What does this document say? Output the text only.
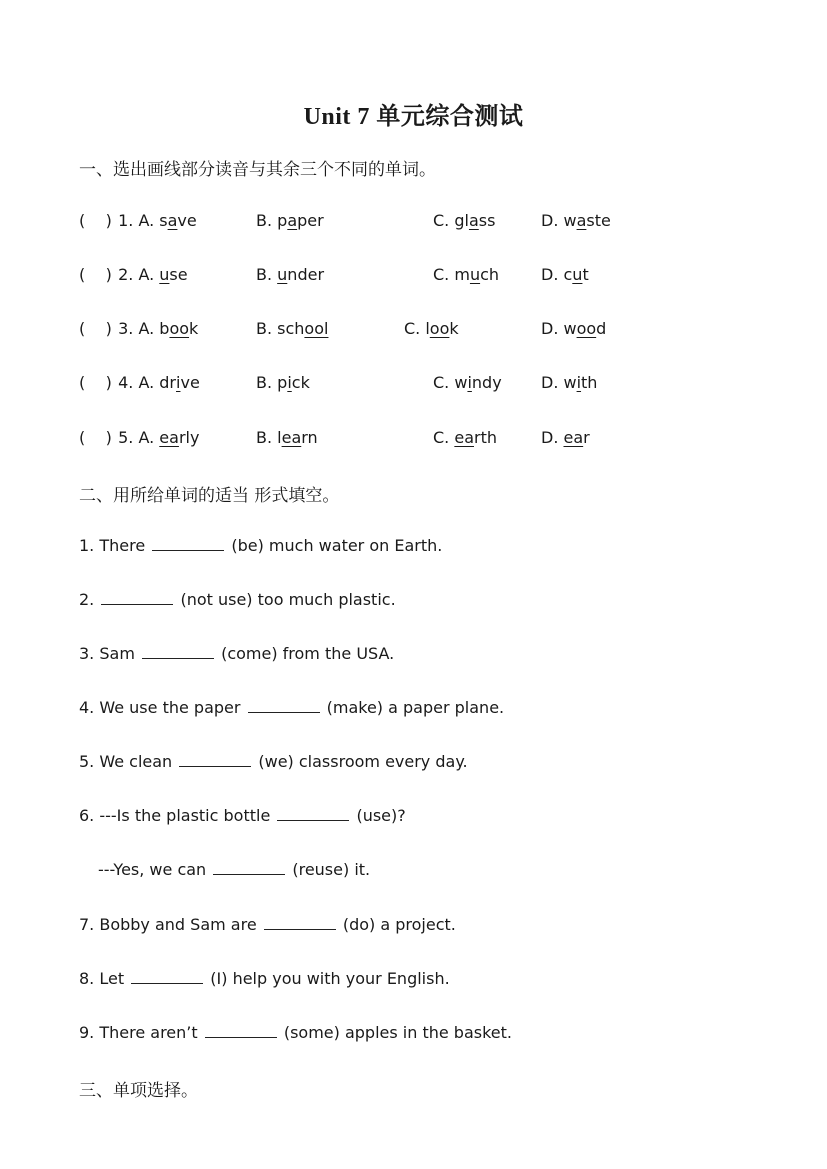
Unit 7 单元综合测试

一、选出画线部分读音与其余三个不同的单词。

(    ) 1. A. save	B. paper	C. glass	D. waste
(    ) 2. A. use	B. under	C. much	D. cut
(    ) 3. A. book	B. school	C. look	D. wood
(    ) 4. A. drive	B. pick	C. windy D. with
(    ) 5. A. early	B. learn	C. earth	D. ear

二、用所给单词的适当 形式填空。

1. There	(be) much water on Earth.
2.	(not use) too much plastic.
3. Sam	(come) from the USA.
4. We use the paper	(make) a paper plane.
5. We clean	(we) classroom every day.
6. ---Is the plastic bottle	(use)?
---Yes, we can	(reuse) it.
7. Bobby and Sam are	(do) a project.
8. Let	(I) help you with your English.
9. There aren’t	(some) apples in the basket.

三、单项选择。
